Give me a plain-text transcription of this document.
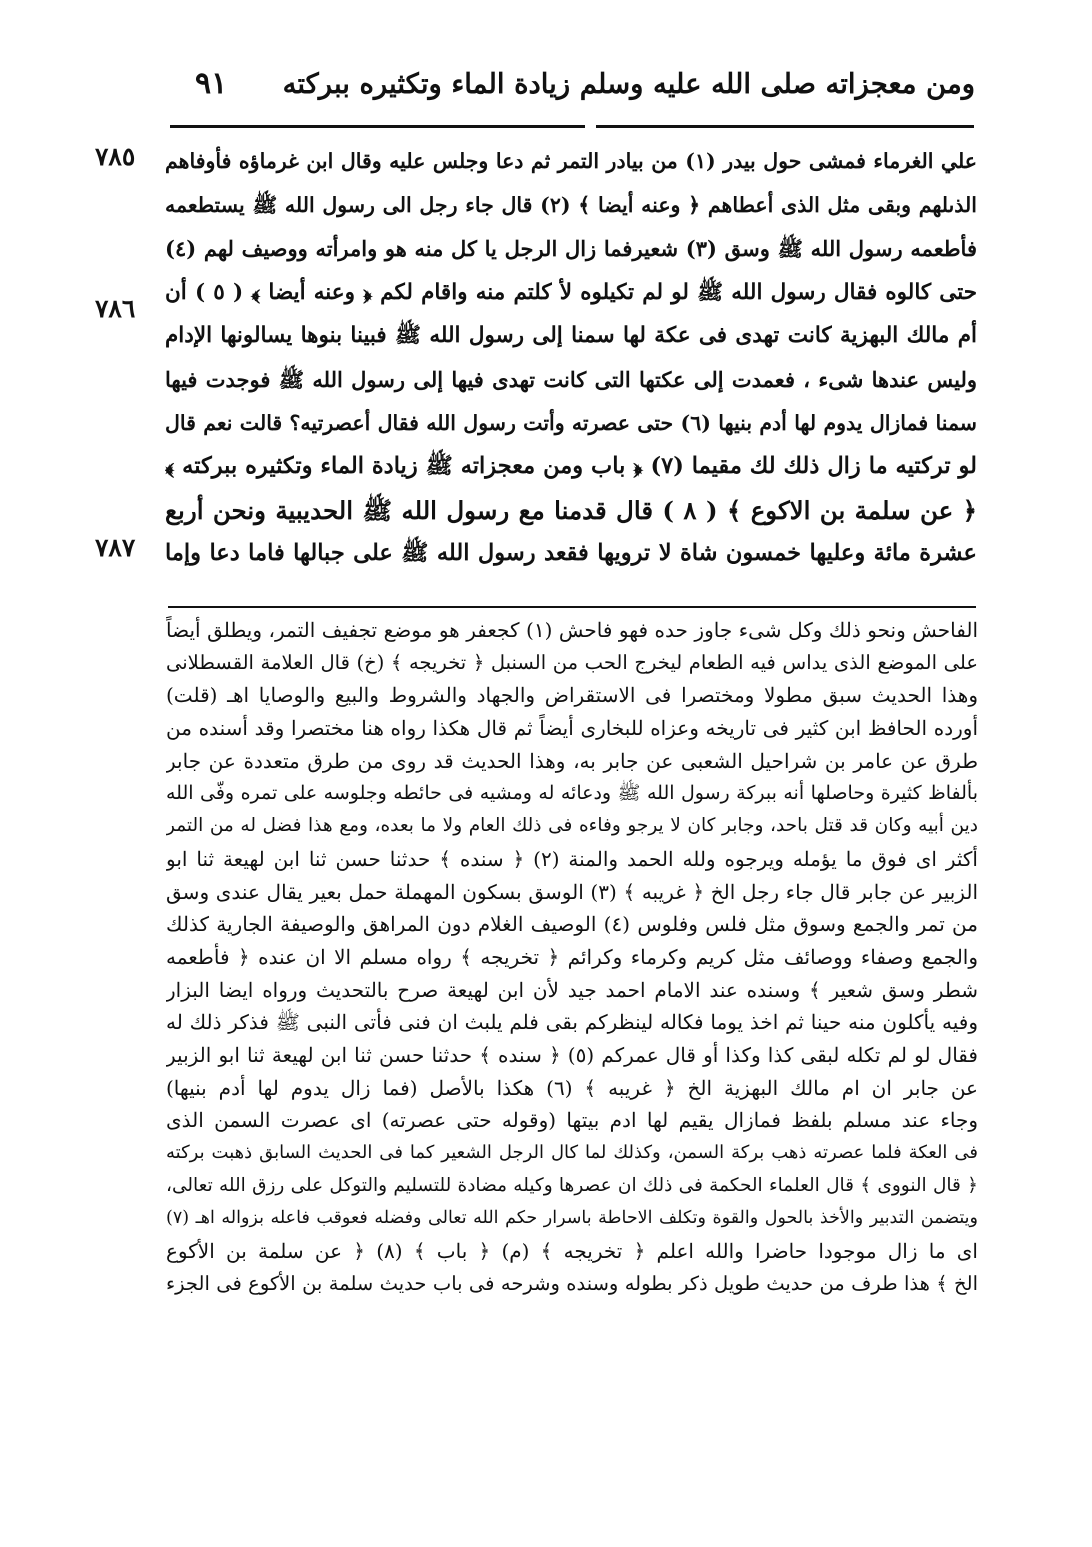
ومن معجزاته صلى الله عليه وسلم زيادة الماء وتكثيره ببركته
٩١
٧٨٥
٧٨٦
٧٨٧
علي الغرماء فمشى حول بيدر (١) من بيادر التمر ثم دعا وجلس عليه وقال ابن غرماؤه فأوفاهم
الذىلهم وبقى مثل الذى أعطاهم ﴿ وعنه أيضا ﴾ (٢) قال جاء رجل الى رسول الله ﷺ يستطعمه
فأطعمه رسول الله ﷺ وسق (٣) شعيرفما زال الرجل يا كل منه هو وامرأته ووصيف لهم (٤)
حتى كالوه فقال رسول الله ﷺ لو لم تكيلوه لأ كلتم منه واقام لكم ﴿ وعنه أيضا ﴾ ( ٥ ) أن
أم مالك البهزية كانت تهدى فى عكة لها سمنا إلى رسول الله ﷺ فبينا بنوها يسالونها الإدام
وليس عندها شىء ، فعمدت إلى عكتها التى كانت تهدى فيها إلى رسول الله ﷺ فوجدت فيها
سمنا فمازال يدوم لها أدم بنيها (٦) حتى عصرته وأتت رسول الله فقال أعصرتيه؟ قالت نعم قال
لو تركتيه ما زال ذلك لك مقيما (٧) ﴿ باب ومن معجزاته ﷺ زيادة الماء وتكثيره ببركته ﴾
﴿ عن سلمة بن الاكوع ﴾ ( ٨ ) قال قدمنا مع رسول الله ﷺ الحديبية ونحن أربع
عشرة مائة وعليها خمسون شاة لا ترويها فقعد رسول الله ﷺ على جبالها فاما دعا وإما
الفاحش ونحو ذلك وكل شىء جاوز حده فهو فاحش (١) كجعفر هو موضع تجفيف التمر، ويطلق أيضاً
على الموضع الذى يداس فيه الطعام ليخرج الحب من السنبل ﴿ تخريجه ﴾ (خ) قال العلامة القسطلانى
وهذا الحديث سبق مطولا ومختصرا فى الاستقراض والجهاد والشروط والبيع والوصايا اهـ (قلت)
أورده الحافظ ابن كثير فى تاريخه وعزاه للبخارى أيضاً ثم قال هكذا رواه هنا مختصرا وقد أسنده من
طرق عن عامر بن شراحيل الشعبى عن جابر به، وهذا الحديث قد روى من طرق متعددة عن جابر
بألفاظ كثيرة وحاصلها أنه ببركة رسول الله ﷺ ودعائه له ومشيه فى حائطه وجلوسه على تمره وفّى الله
دين أبيه وكان قد قتل باحد، وجابر كان لا يرجو وفاءه فى ذلك العام ولا ما بعده، ومع هذا فضل له من التمر
أكثر اى فوق ما يؤمله ويرجوه ولله الحمد والمنة (٢) ﴿ سنده ﴾ حدثنا حسن ثنا ابن لهيعة ثنا ابو
الزبير عن جابر قال جاء رجل الخ ﴿ غريبه ﴾ (٣) الوسق بسكون المهملة حمل بعير يقال عندى وسق
من تمر والجمع وسوق مثل فلس وفلوس (٤) الوصيف الغلام دون المراهق والوصيفة الجارية كذلك
والجمع وصفاء ووصائف مثل كريم وكرماء وكرائم ﴿ تخريجه ﴾ رواه مسلم الا ان عنده ﴿ فأطعمه
شطر وسق شعير ﴾ وسنده عند الامام احمد جيد لأن ابن لهيعة صرح بالتحديث ورواه ايضا البزار
وفيه يأكلون منه حينا ثم اخذ يوما فكاله لينظركم بقى فلم يلبث ان فنى فأتى النبى ﷺ فذكر ذلك له
فقال لو لم تكله لبقى كذا وكذا أو قال عمركم (٥) ﴿ سنده ﴾ حدثنا حسن ثنا ابن لهيعة ثنا ابو الزبير
عن جابر ان ام مالك البهزية الخ ﴿ غريبه ﴾ (٦) هكذا بالأصل (فما زال يدوم لها أدم بنيها)
وجاء عند مسلم بلفظ فمازال يقيم لها ادم بيتها (وقوله حتى عصرته) اى عصرت السمن الذى
فى العكة فلما عصرته ذهب بركة السمن، وكذلك لما كال الرجل الشعير كما فى الحديث السابق ذهبت بركته
﴿ قال النووى ﴾ قال العلماء الحكمة فى ذلك ان عصرها وكيله مضادة للتسليم والتوكل على رزق الله تعالى،
ويتضمن التدبير والأخذ بالحول والقوة وتكلف الاحاطة باسرار حكم الله تعالى وفضله فعوقب فاعله بزواله اهـ (٧)
اى ما زال موجودا حاضرا والله اعلم ﴿ تخريجه ﴾ (م) ﴿ باب ﴾ (٨) ﴿ عن سلمة بن الأكوع
الخ ﴾ هذا طرف من حديث طويل ذكر بطوله وسنده وشرحه فى باب حديث سلمة بن الأكوع فى الجزء
